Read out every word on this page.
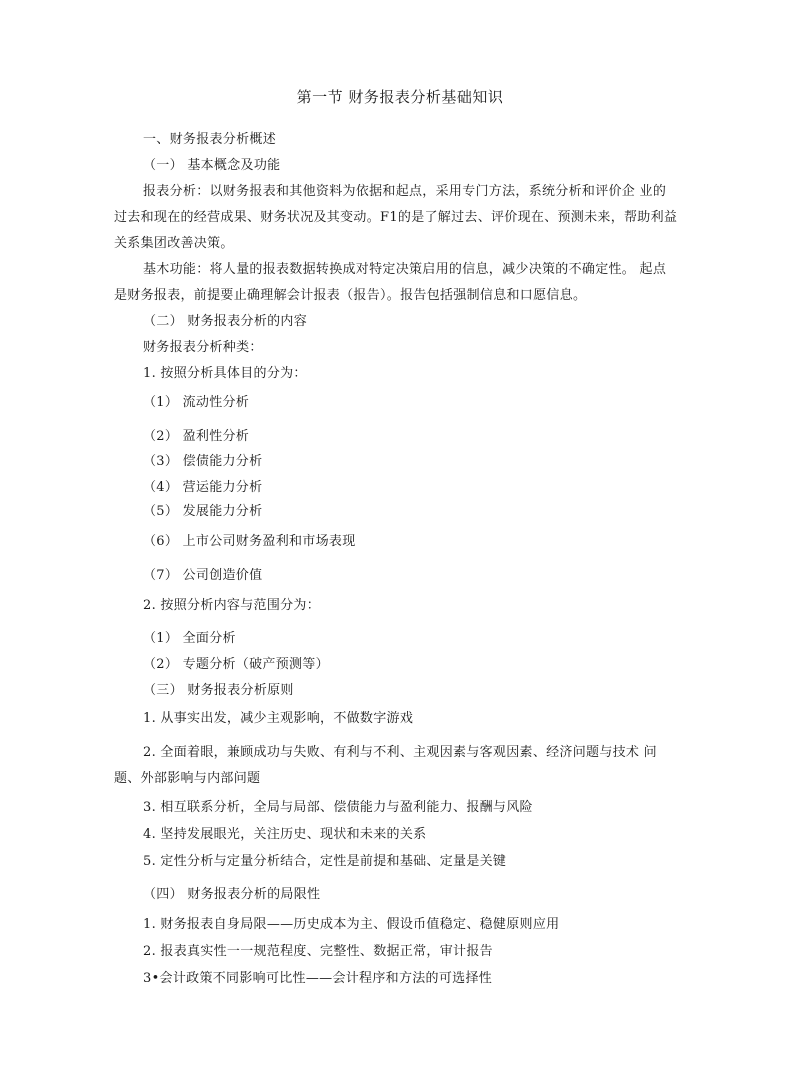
第一节 财务报表分析基础知识
一、财务报表分析概述
（一） 基本概念及功能
报表分析：以财务报表和其他资料为依据和起点，采用专门方法，系统分析和评价企 业的
过去和现在的经营成果、财务状况及其变动。F1的是了解过去、评价现在、预测未来，帮助利益
关系集团改善决策。
基木功能：将人量的报表数据转换成对特定决策启用的信息，减少决策的不确定性。 起点
是财务报表，前提要止确理解会计报表（报告）。报告包括强制信息和口愿信息。
（二） 财务报表分析的内容
财务报表分析种类：
1. 按照分析具体目的分为：
（1） 流动性分析
（2） 盈利性分析
（3） 偿债能力分析
（4） 营运能力分析
（5） 发展能力分析
（6） 上市公司财务盈利和市场表现
（7） 公司创造价值
2. 按照分析内容与范围分为：
（1） 全面分析
（2） 专题分析（破产预测等）
（三） 财务报表分析原则
1. 从事实出发，减少主观影响，不做数字游戏
2. 全面着眼，兼顾成功与失败、有利与不利、主观因素与客观因素、经济问题与技术 问
题、外部影响与内部问题
3. 相互联系分析，全局与局部、偿债能力与盈利能力、报酬与风险
4. 坚持发展眼光，关注历史、现状和未来的关系
5. 定性分析与定量分析结合，定性是前提和基础、定量是关键
（四） 财务报表分析的局限性
1. 财务报表自身局限——历史成本为主、假设币值稳定、稳健原则应用
2. 报表真实性一一规范程度、完整性、数据正常，审计报告
3•会计政策不同影响可比性——会计程序和方法的可选择性
